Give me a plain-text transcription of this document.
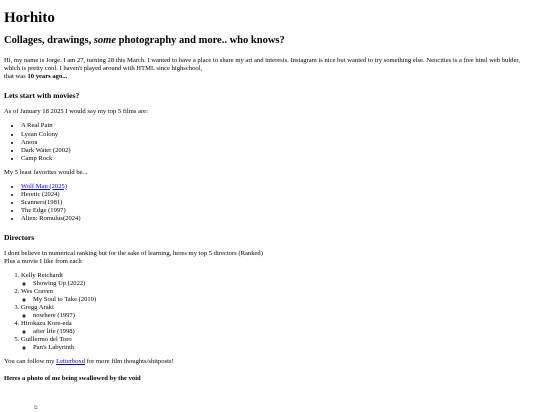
Horhito
Collages, drawings, some photography and more.. who knows?

Hi, my name is Jorge. I am 27, turning 28 this March. I wanted to have a place to share my art and interests. Instagram is nice but wanted to try something else. Neocities is a free html web bulder, which is pretty cool. I haven't played around with HTML since highschool,
that was 10 years ago...

Lets start with movies?

As of January 18 2025 I would say my top 5 films are:

• A Real Pain
• Lyean Colony
• Anora
• Dark Water (2002)
• Camp Rock

My 5 least favorites would be...

• Wolf Man (2025)
• Heretic (2024)
• Scanners(1981)
• The Edge (1997)
• Alien: Romulus(2024)
Directors

I dont believe in numerical ranking but for the sake of learning, heres my top 5 directors (Ranked)
Plus a movie I like from each

1. Kelly Reichardt
◦ Showing Up (2022)
2. Wes Craven
◦ My Soul to Take (2010)
3. Gregg Araki
◦ nowhere (1997)
4. Hirokazu Kore-eda
◦ after life (1998)
5. Guillermo del Toro
◦ Pan's Labyrinth

You can follow my Letterboxd for more film thoughts/shitposts!

Heres a photo of me being swallowed by the void
⧉
